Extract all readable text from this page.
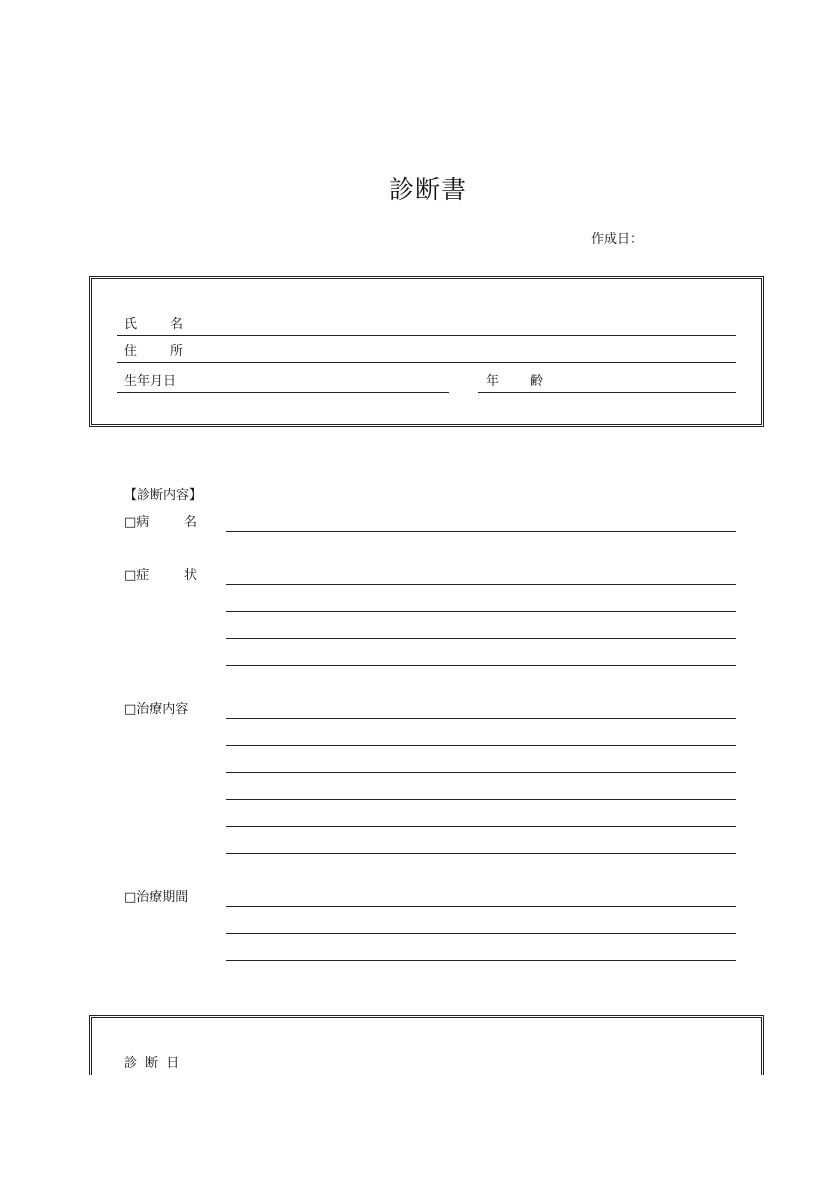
診断書
作成日：
氏	名
住	所
生年月日	年 齢
【診断内容】
□病	名
□症	状
□治療内容
□治療期間
診 断 日
